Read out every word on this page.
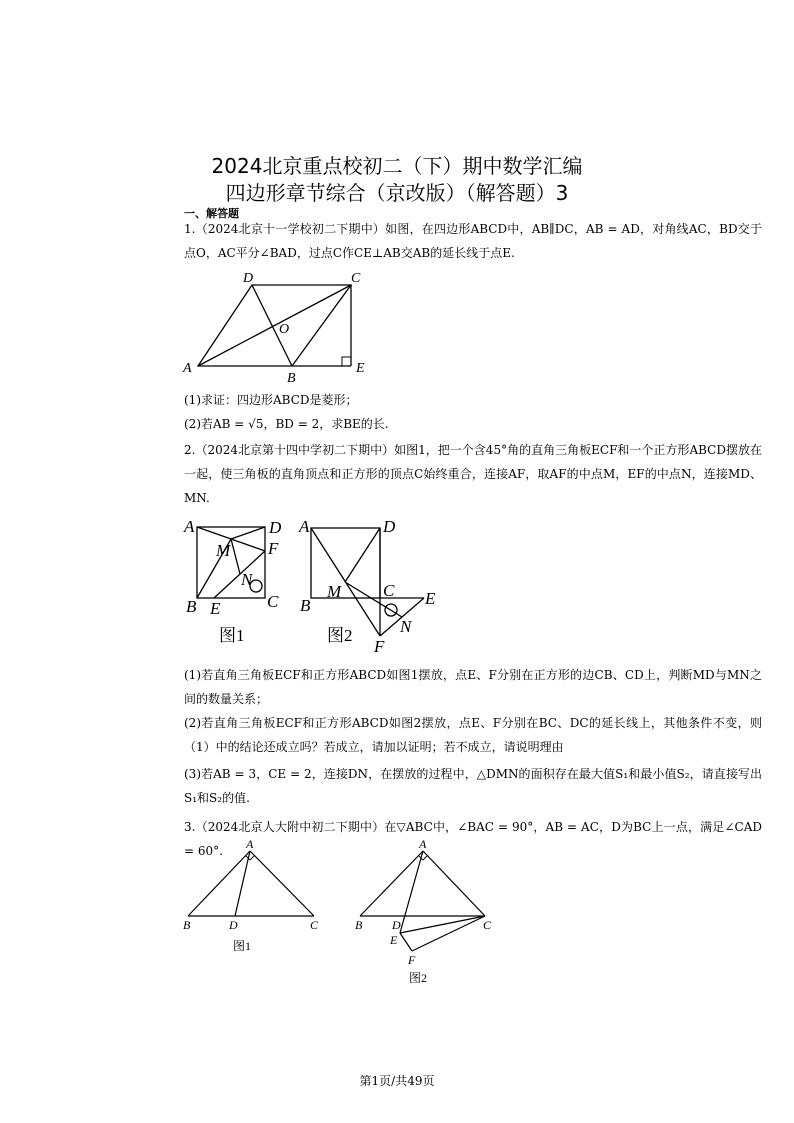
2024北京重点校初二（下）期中数学汇编
四边形章节综合（京改版）（解答题）3
一、解答题
1.（2024北京十一学校初二下期中）如图，在四边形ABCD中，AB∥DC，AB = AD，对角线AC，BD交于点O，AC平分∠BAD，过点C作CE⊥AB交AB的延长线于点E.
A
B
C
D
E
O
(1)求证：四边形ABCD是菱形；
(2)若AB = √5，BD = 2，求BE的长.
2.（2024北京第十四中学初二下期中）如图1，把一个含45°角的直角三角板ECF和一个正方形ABCD摆放在一起，使三角板的直角顶点和正方形的顶点C始终重合，连接AF，取AF的中点M，EF的中点N，连接MD、MN.
A	D
M F
N
B E	C
图1
A	D
M C E
B
N
F
图2
(1)若直角三角板ECF和正方形ABCD如图1摆放，点E、F分别在正方形的边CB、CD上，判断MD与MN之间的数量关系；
(2)若直角三角板ECF和正方形ABCD如图2摆放，点E、F分别在BC、DC的延长线上，其他条件不变，则（1）中的结论还成立吗？若成立，请加以证明；若不成立，请说明理由
(3)若AB = 3，CE = 2，连接DN，在摆放的过程中，△DMN的面积存在最大值S₁和最小值S₂，请直接写出S₁和S₂的值.
3.（2024北京人大附中初二下期中）在▽ABC中，∠BAC = 90°，AB = AC，D为BC上一点，满足∠CAD = 60°.	A
B	D	C
图1
A
B D	C
E
F
图2
第1页/共49页
